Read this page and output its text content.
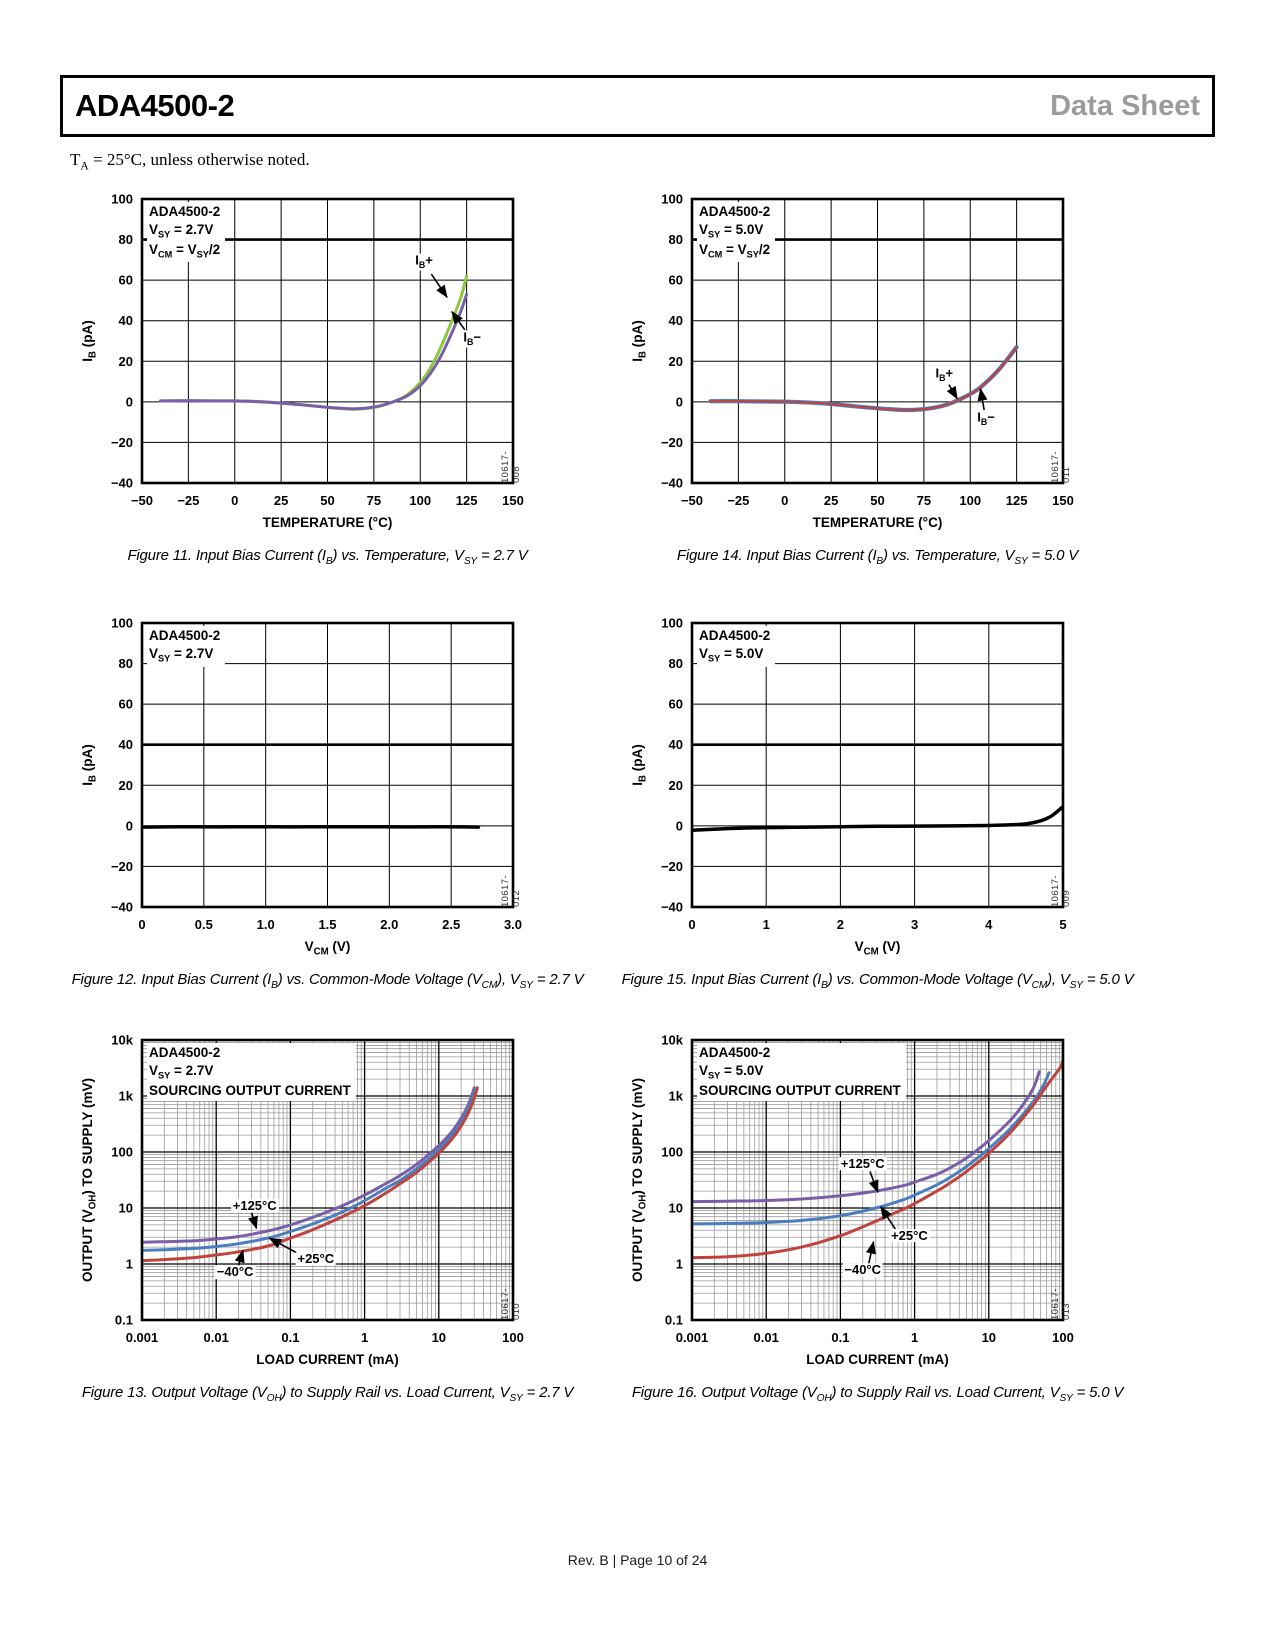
ADA4500-2	Data Sheet
$T_A = 25^\circ C$, unless otherwise noted.
−50 −25 0	25 50 75 100 125 150
−40
−20
0
20
40
60
80
100
TEMPERATURE (°C)
$I_B$ (pA)
ADA4500-2
$V_{SY} = 2.7V$
$V_{CM} = V_{SY}/2$
$I_B+$
$I_B-$
10617-008
Figure 11. Input Bias Current $(I_B)$ vs. Temperature, $V_{SY} = 2.7$ V
−50 −25 0	25 50 75 100 125 150
−40
−20
0
20
40
60
80
100
TEMPERATURE (°C)
$I_B$ (pA)
ADA4500-2
$V_{SY} = 5.0V$
$V_{CM} = V_{SY}/2$
$I_B+$
$I_B-$
10617-011
Figure 14. Input Bias Current $(I_B)$ vs. Temperature, $V_{SY} = 5.0$ V
0	0.5	1.0	1.5	2.0	2.5	3.0
−40
−20
0
20
40
60
80
100
$V_{CM}$ (V)
$I_B$ (pA)
ADA4500-2
$V_{SY} = 2.7V$
10617-012
Figure 12. Input Bias Current $(I_B)$ vs. Common-Mode Voltage $(V_{CM})$, $V_{SY} = 2.7$ V
0	1	2	3	4	5
−40
−20
0
20
40
60
80
100
$V_{CM}$ (V)
$I_B$ (pA)
ADA4500-2
$V_{SY} = 5.0V$
10617-009
Figure 15. Input Bias Current $(I_B)$ vs. Common-Mode Voltage $(V_{CM})$, $V_{SY} = 5.0$ V
0.001	0.01	0.1	1	10	100
0.1
1
10
100
1k
10k
LOAD CURRENT (mA)
OUTPUT $(V_{OH})$ TO SUPPLY (mV)
ADA4500-2
$V_{SY} = 2.7V$
SOURCING OUTPUT CURRENT
+125°C
+25°C
−40°C
10617-010
Figure 13. Output Voltage $(V_{OH})$ to Supply Rail vs. Load Current, $V_{SY} = 2.7$ V
0.001	0.01	0.1	1	10	100
0.1
1
10
100
1k
10k
LOAD CURRENT (mA)
OUTPUT $(V_{OH})$ TO SUPPLY (mV)
ADA4500-2
$V_{SY} = 5.0V$
SOURCING OUTPUT CURRENT
+125°C
+25°C
−40°C
10617-013
Figure 16. Output Voltage $(V_{OH})$ to Supply Rail vs. Load Current, $V_{SY} = 5.0$ V
Rev. B | Page 10 of 24
